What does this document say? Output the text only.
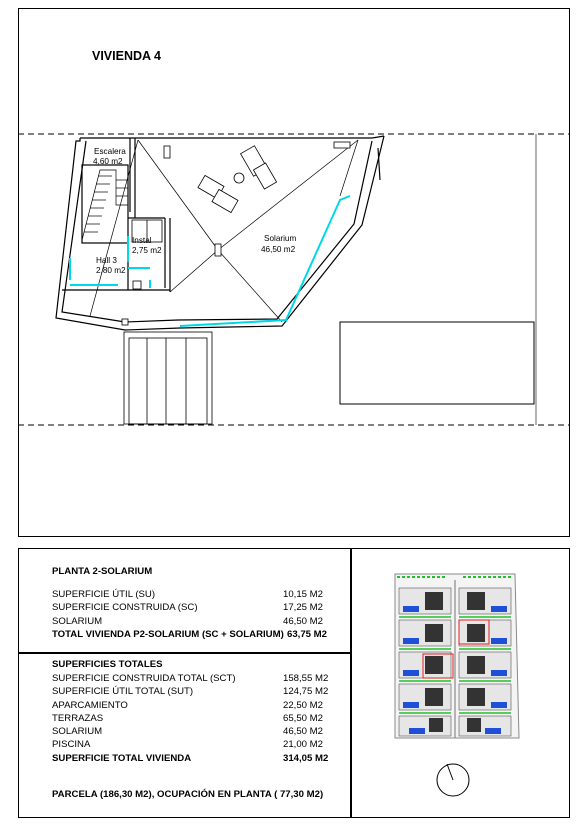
VIVIENDA 4
Escalera
4,60 m2
Instal
2,75 m2
Hall 3
2,80 m2
Solarium
46,50 m2
PLANTA 2-SOLARIUM
SUPERFICIE ÚTIL (SU)	10,15 M2
SUPERFICIE CONSTRUIDA (SC)	17,25 M2
SOLARIUM	46,50 M2
TOTAL VIVIENDA P2-SOLARIUM (SC + SOLARIUM) 63,75 M2
SUPERFICIES TOTALES
SUPERFICIE CONSTRUIDA TOTAL (SCT)	158,55 M2
SUPERFICIE ÚTIL TOTAL (SUT)	124,75 M2
APARCAMIENTO	22,50 M2
TERRAZAS	65,50 M2
SOLARIUM	46,50 M2
PISCINA	21,00 M2
SUPERFICIE TOTAL VIVIENDA	314,05 M2
PARCELA (186,30 M2), OCUPACIÓN EN PLANTA ( 77,30 M2)
